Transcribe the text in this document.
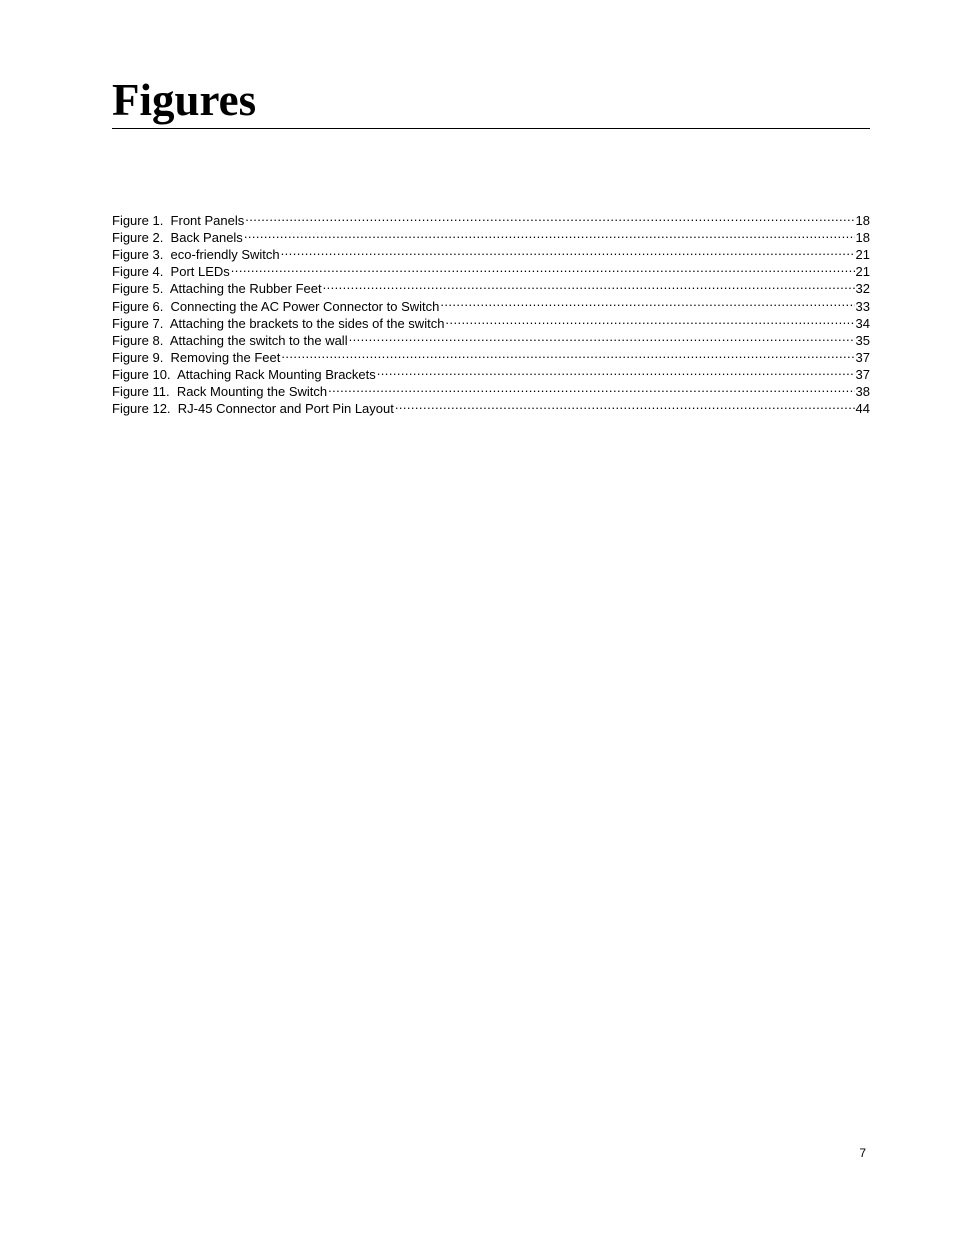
Figures
Figure 1. Front Panels .....	18
Figure 2. Back Panels .....	18
Figure 3. eco-friendly Switch .....	21
Figure 4. Port LEDs .....	21
Figure 5. Attaching the Rubber Feet .....	32
Figure 6. Connecting the AC Power Connector to Switch .....	33
Figure 7. Attaching the brackets to the sides of the switch .....	34
Figure 8. Attaching the switch to the wall .....	35
Figure 9. Removing the Feet .....	37
Figure 10. Attaching Rack Mounting Brackets .....	37
Figure 11. Rack Mounting the Switch .....	38
Figure 12. RJ-45 Connector and Port Pin Layout .....	44
7
